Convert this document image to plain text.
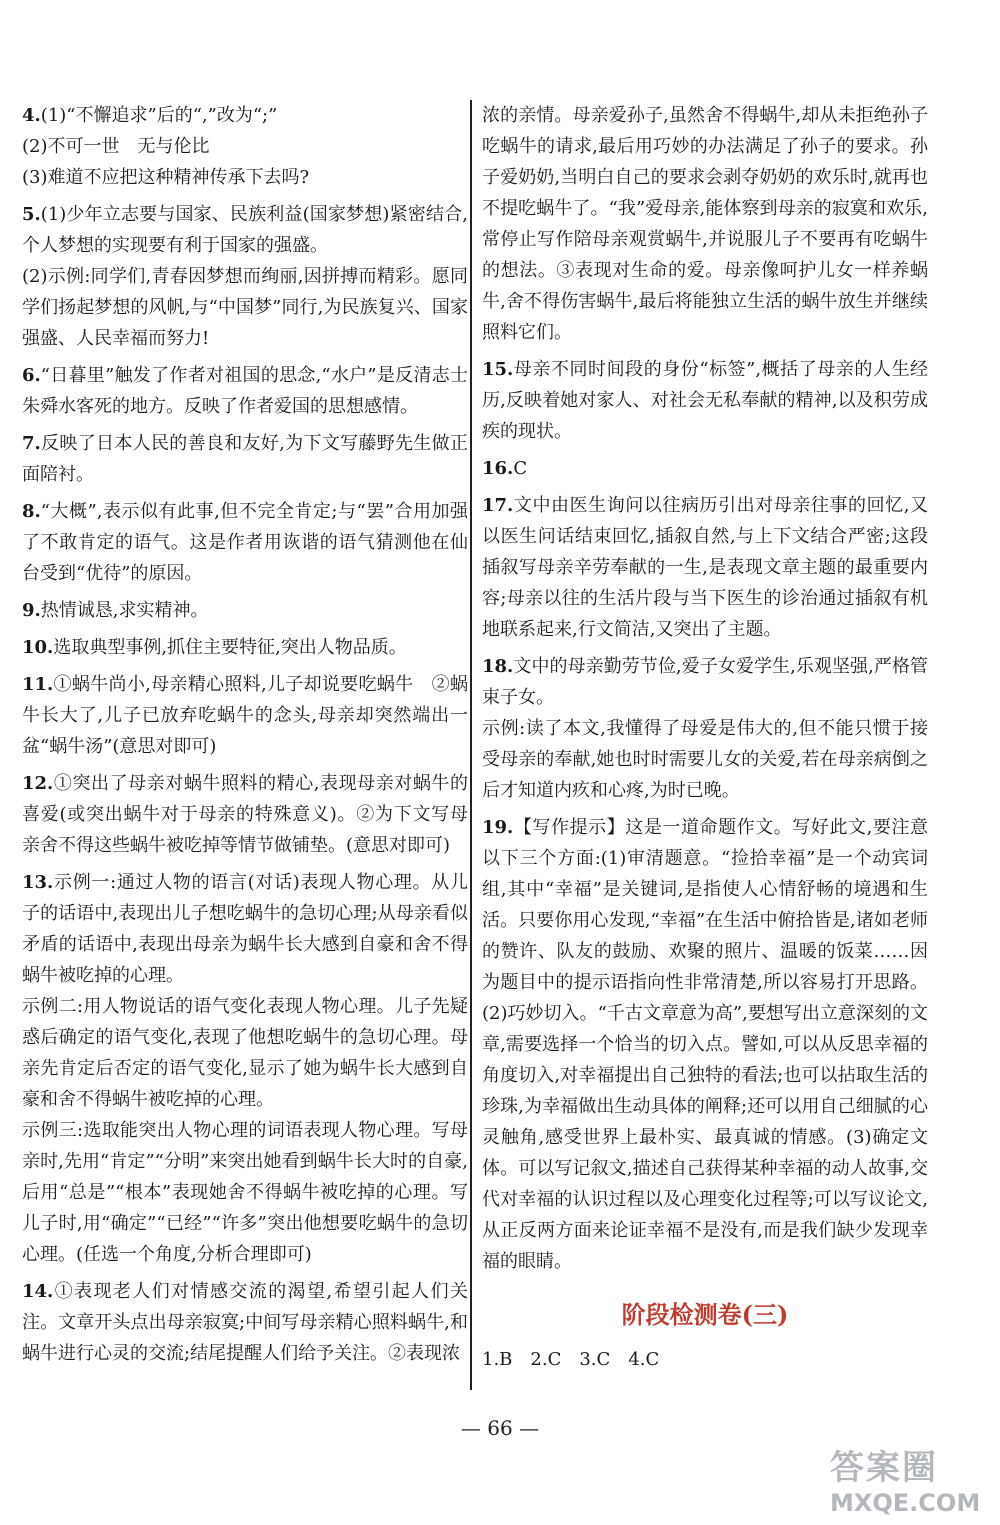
4.(1)“不懈追求”后的“,”改为“;”

(2)不可一世　无与伦比

(3)难道不应把这种精神传承下去吗?

5.(1)少年立志要与国家、民族利益(国家梦想)紧密结合,个人梦想的实现要有利于国家的强盛。

(2)示例:同学们,青春因梦想而绚丽,因拼搏而精彩。愿同学们扬起梦想的风帆,与“中国梦”同行,为民族复兴、国家强盛、人民幸福而努力!

6.“日暮里”触发了作者对祖国的思念,“水户”是反清志士朱舜水客死的地方。反映了作者爱国的思想感情。

7.反映了日本人民的善良和友好,为下文写藤野先生做正面陪衬。

8.“大概”,表示似有此事,但不完全肯定;与“罢”合用加强了不敢肯定的语气。这是作者用诙谐的语气猜测他在仙台受到“优待”的原因。

9.热情诚恳,求实精神。

10.选取典型事例,抓住主要特征,突出人物品质。

11.①蜗牛尚小,母亲精心照料,儿子却说要吃蜗牛　②蜗牛长大了,儿子已放弃吃蜗牛的念头,母亲却突然端出一盆“蜗牛汤”(意思对即可)

12.①突出了母亲对蜗牛照料的精心,表现母亲对蜗牛的喜爱(或突出蜗牛对于母亲的特殊意义)。②为下文写母亲舍不得这些蜗牛被吃掉等情节做铺垫。(意思对即可)

13.示例一:通过人物的语言(对话)表现人物心理。从儿子的话语中,表现出儿子想吃蜗牛的急切心理;从母亲看似矛盾的话语中,表现出母亲为蜗牛长大感到自豪和舍不得蜗牛被吃掉的心理。

示例二:用人物说话的语气变化表现人物心理。儿子先疑惑后确定的语气变化,表现了他想吃蜗牛的急切心理。母亲先肯定后否定的语气变化,显示了她为蜗牛长大感到自豪和舍不得蜗牛被吃掉的心理。

示例三:选取能突出人物心理的词语表现人物心理。写母亲时,先用“肯定”“分明”来突出她看到蜗牛长大时的自豪,后用“总是”“根本”表现她舍不得蜗牛被吃掉的心理。写儿子时,用“确定”“已经”“许多”突出他想要吃蜗牛的急切心理。(任选一个角度,分析合理即可)

14.①表现老人们对情感交流的渴望,希望引起人们关注。文章开头点出母亲寂寞;中间写母亲精心照料蜗牛,和蜗牛进行心灵的交流;结尾提醒人们给予关注。②表现浓

浓的亲情。母亲爱孙子,虽然舍不得蜗牛,却从未拒绝孙子吃蜗牛的请求,最后用巧妙的办法满足了孙子的要求。孙子爱奶奶,当明白自己的要求会剥夺奶奶的欢乐时,就再也不提吃蜗牛了。“我”爱母亲,能体察到母亲的寂寞和欢乐,常停止写作陪母亲观赏蜗牛,并说服儿子不要再有吃蜗牛的想法。③表现对生命的爱。母亲像呵护儿女一样养蜗牛,舍不得伤害蜗牛,最后将能独立生活的蜗牛放生并继续照料它们。

15.母亲不同时间段的身份“标签”,概括了母亲的人生经历,反映着她对家人、对社会无私奉献的精神,以及积劳成疾的现状。

16.C

17.文中由医生询问以往病历引出对母亲往事的回忆,又以医生问话结束回忆,插叙自然,与上下文结合严密;这段插叙写母亲辛劳奉献的一生,是表现文章主题的最重要内容;母亲以往的生活片段与当下医生的诊治通过插叙有机地联系起来,行文简洁,又突出了主题。

18.文中的母亲勤劳节俭,爱子女爱学生,乐观坚强,严格管束子女。

示例:读了本文,我懂得了母爱是伟大的,但不能只惯于接受母亲的奉献,她也时时需要儿女的关爱,若在母亲病倒之后才知道内疚和心疼,为时已晚。

19.【写作提示】这是一道命题作文。写好此文,要注意以下三个方面:(1)审清题意。“捡拾幸福”是一个动宾词组,其中“幸福”是关键词,是指使人心情舒畅的境遇和生活。只要你用心发现,“幸福”在生活中俯拾皆是,诸如老师的赞许、队友的鼓励、欢聚的照片、温暖的饭菜……因为题目中的提示语指向性非常清楚,所以容易打开思路。(2)巧妙切入。“千古文章意为高”,要想写出立意深刻的文章,需要选择一个恰当的切入点。譬如,可以从反思幸福的角度切入,对幸福提出自己独特的看法;也可以拈取生活的珍珠,为幸福做出生动具体的阐释;还可以用自己细腻的心灵触角,感受世界上最朴实、最真诚的情感。(3)确定文体。可以写记叙文,描述自己获得某种幸福的动人故事,交代对幸福的认识过程以及心理变化过程等;可以写议论文,从正反两方面来论证幸福不是没有,而是我们缺少发现幸福的眼睛。

阶段检测卷(三)
1.B 2.C 3.C 4.C
— 66 —
答案圈
MXQE.COM
